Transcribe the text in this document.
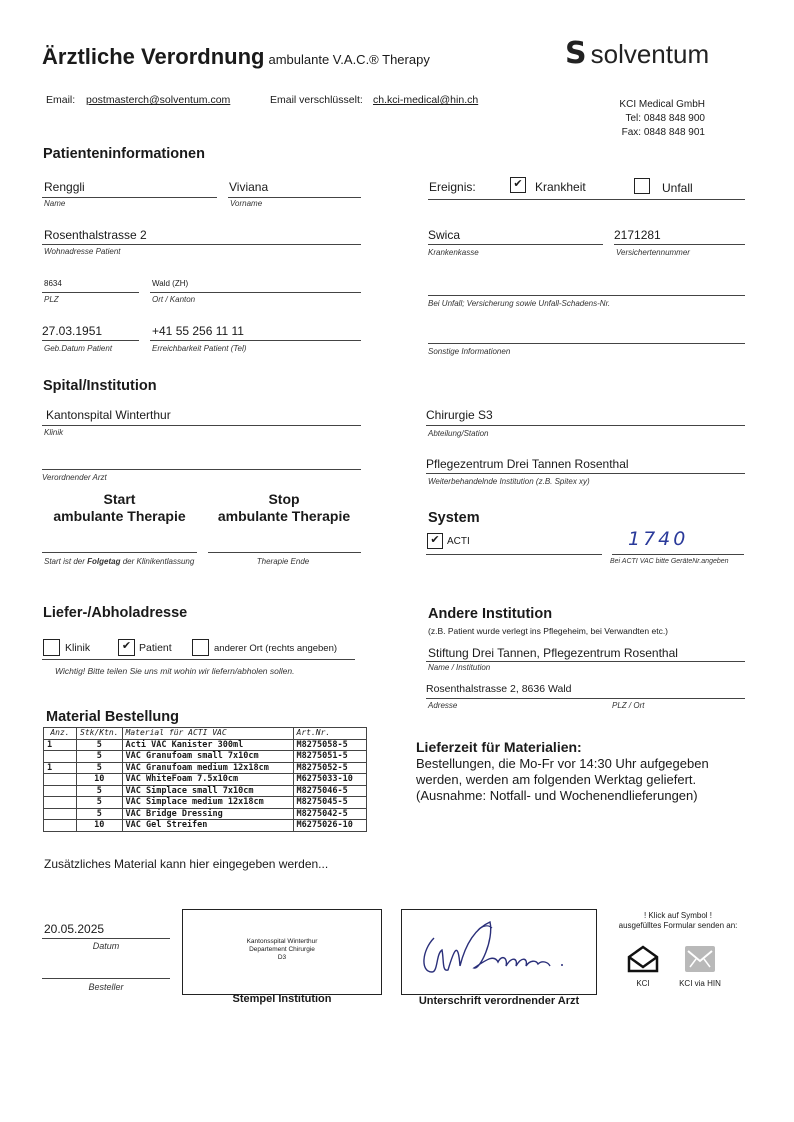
Ärztliche Verordnung ambulante V.A.C.® Therapy
Email: postmasterch@solventum.com	Email verschlüsselt: ch.kci-medical@hin.ch
S solventum
KCI Medical GmbH
Tel: 0848 848 900
Fax: 0848 848 901
Patienteninformationen
Renggli
Name
Viviana
Vorname
Rosenthalstrasse 2
Wohnadresse Patient
8634
PLZ
Wald (ZH)
Ort / Kanton
27.03.1951
Geb.Datum Patient
+41 55 256 11 11
Erreichbarkeit Patient (Tel)
Ereignis:	✔ Krankheit	Unfall
Swica
Krankenkasse
2171281
Versichertennummer
Bei Unfall; Versicherung sowie Unfall-Schadens-Nr.
Sonstige Informationen
Spital/Institution
Kantonspital Winterthur
Klinik
Verordnender Arzt
Chirurgie S3
Abteilung/Station
Pflegezentrum Drei Tannen Rosenthal
Weiterbehandelnde Institution (z.B. Spitex xy)
Start
ambulante Therapie
Stop
ambulante Therapie
Start ist der Folgetag der Klinikentlassung	Therapie Ende
System
✔ ACTI	1740
Bei ACTI VAC bitte GeräteNr.angeben
Liefer-/Abholadresse
Klinik	✔ Patient	anderer Ort (rechts angeben)
Wichtig! Bitte teilen Sie uns mit wohin wir liefern/abholen sollen.
Andere Institution
(z.B. Patient wurde verlegt ins Pflegeheim, bei Verwandten etc.)
Stiftung Drei Tannen, Pflegezentrum Rosenthal
Name / Institution
Rosenthalstrasse 2, 8636 Wald
Adresse	PLZ / Ort
Material Bestellung
Anz.	Stk/Ktn.	Material für ACTI VAC	Art.Nr.
1	5	Acti VAC Kanister 300ml	M8275058-5
	5	VAC Granufoam small 7x10cm	M8275051-5
1	5	VAC Granufoam medium 12x18cm	M8275052-5
	10	VAC WhiteFoam 7.5x10cm	M6275033-10
	5	VAC Simplace small 7x10cm	M8275046-5
	5	VAC Simplace medium 12x18cm	M8275045-5
	5	VAC Bridge Dressing	M8275042-5
	10	VAC Gel Streifen	M6275026-10
Zusätzliches Material kann hier eingegeben werden...
Lieferzeit für Materialien:
Bestellungen, die Mo-Fr vor 14:30 Uhr aufgegeben
werden, werden am folgenden Werktag geliefert.
(Ausnahme: Notfall- und Wochenendlieferungen)
20.05.2025
Datum
Besteller
Kantonsspital Winterthur
Departement Chirurgie
D3
Stempel Institution	Unterschrift verordnender Arzt
! Klick auf Symbol !
ausgefülltes Formular senden an:
KCI	KCI via HIN
